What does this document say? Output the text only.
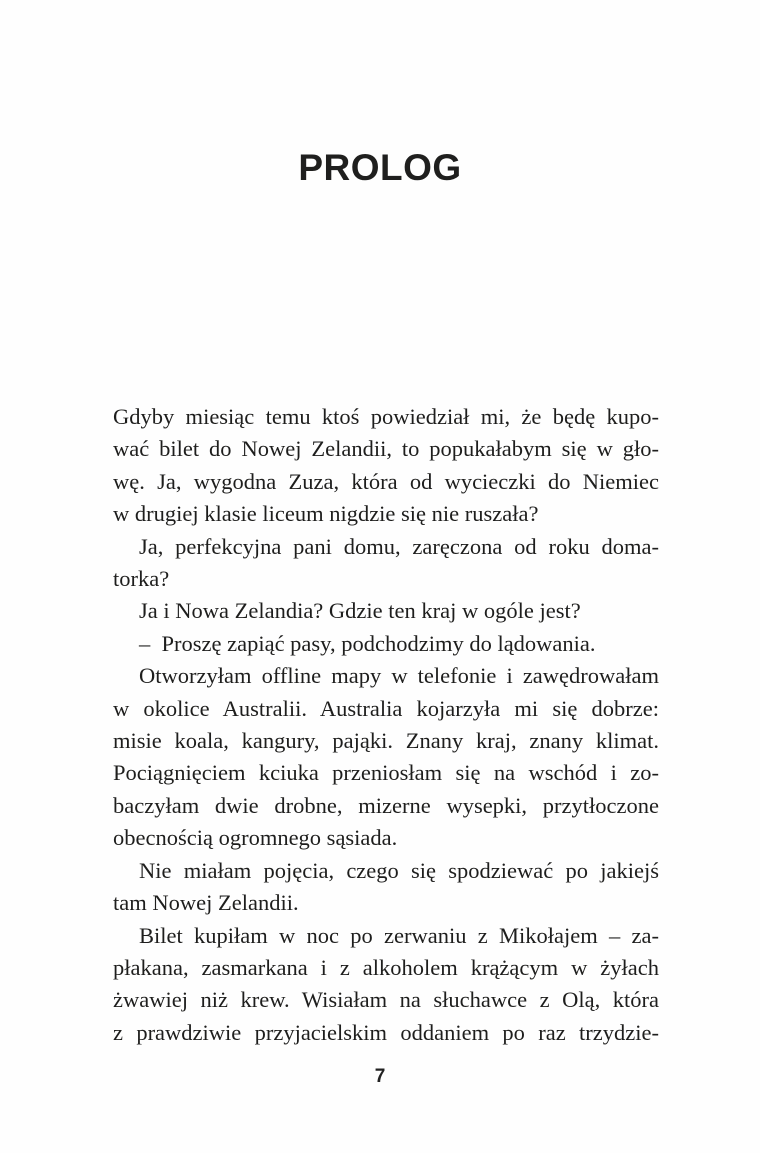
PROLOG
Gdyby miesiąc temu ktoś powiedział mi, że będę kupo-
wać bilet do Nowej Zelandii, to popukałabym się w gło-
wę. Ja, wygodna Zuza, która od wycieczki do Niemiec
w drugiej klasie liceum nigdzie się nie ruszała?
Ja, perfekcyjna pani domu, zaręczona od roku doma-
torka?
Ja i Nowa Zelandia? Gdzie ten kraj w ogóle jest?
– Proszę zapiąć pasy, podchodzimy do lądowania.
Otworzyłam offline mapy w telefonie i zawędrowałam
w okolice Australii. Australia kojarzyła mi się dobrze:
misie koala, kangury, pająki. Znany kraj, znany klimat.
Pociągnięciem kciuka przeniosłam się na wschód i zo-
baczyłam dwie drobne, mizerne wysepki, przytłoczone
obecnością ogromnego sąsiada.
Nie miałam pojęcia, czego się spodziewać po jakiejś
tam Nowej Zelandii.
Bilet kupiłam w noc po zerwaniu z Mikołajem – za-
płakana, zasmarkana i z alkoholem krążącym w żyłach
żwawiej niż krew. Wisiałam na słuchawce z Olą, która
z prawdziwie przyjacielskim oddaniem po raz trzydzie-
7
